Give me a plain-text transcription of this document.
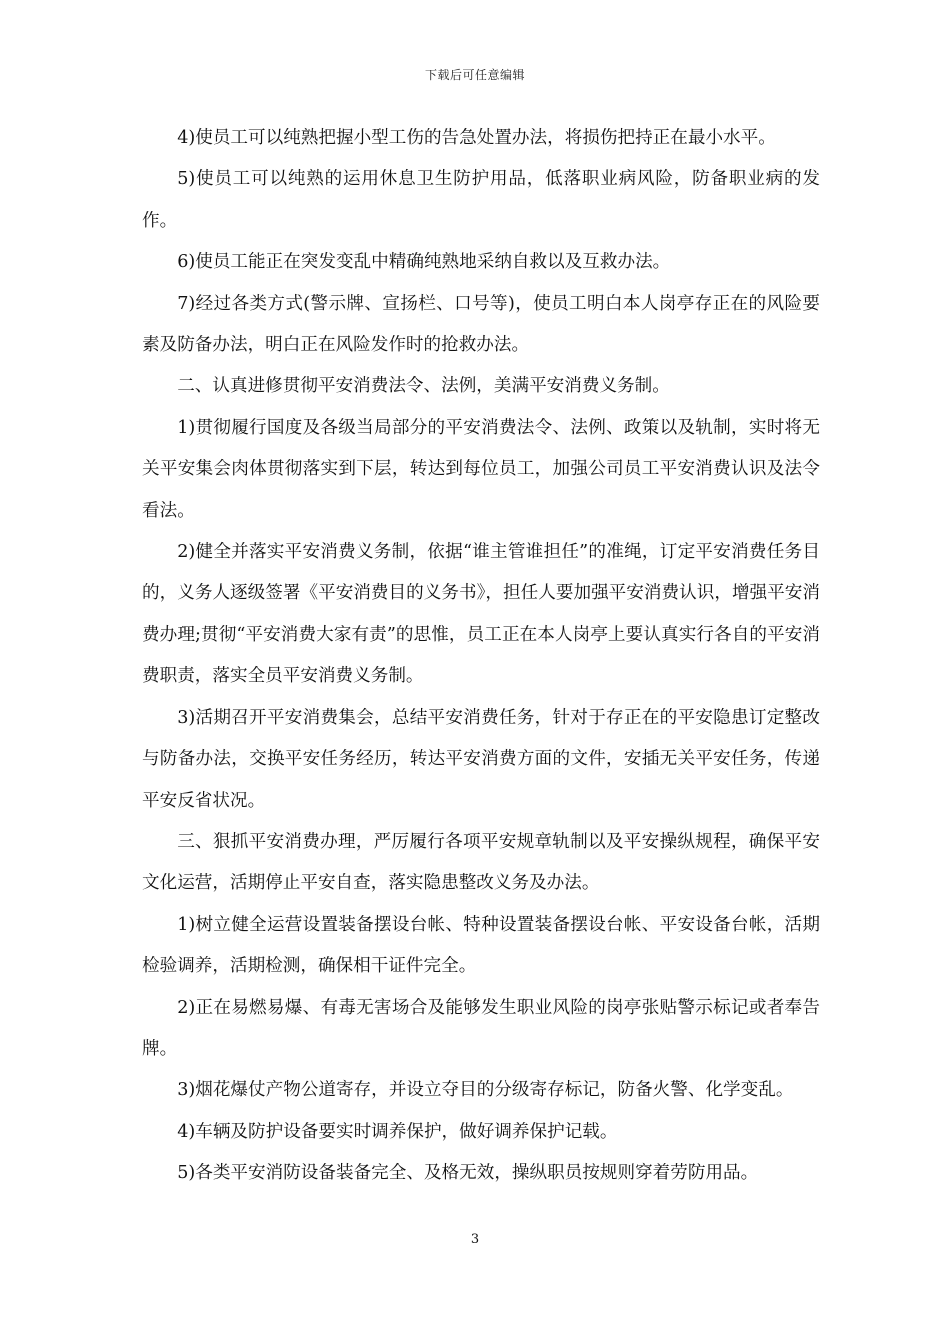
下载后可任意编辑

4)使员工可以纯熟把握小型工伤的告急处置办法，将损伤把持正在最小水平。

5)使员工可以纯熟的运用休息卫生防护用品，低落职业病风险，防备职业病的发作。

6)使员工能正在突发变乱中精确纯熟地采纳自救以及互救办法。

7)经过各类方式(警示牌、宣扬栏、口号等)，使员工明白本人岗亭存正在的风险要素及防备办法，明白正在风险发作时的抢救办法。

二、认真进修贯彻平安消费法令、法例，美满平安消费义务制。

1)贯彻履行国度及各级当局部分的平安消费法令、法例、政策以及轨制，实时将无关平安集会肉体贯彻落实到下层，转达到每位员工，加强公司员工平安消费认识及法令看法。

2)健全并落实平安消费义务制，依据“谁主管谁担任”的准绳，订定平安消费任务目的，义务人逐级签署《平安消费目的义务书》，担任人要加强平安消费认识，增强平安消费办理;贯彻“平安消费大家有责”的思惟，员工正在本人岗亭上要认真实行各自的平安消费职责，落实全员平安消费义务制。

3)活期召开平安消费集会，总结平安消费任务，针对于存正在的平安隐患订定整改与防备办法，交换平安任务经历，转达平安消费方面的文件，安插无关平安任务，传递平安反省状况。

三、狠抓平安消费办理，严厉履行各项平安规章轨制以及平安操纵规程，确保平安文化运营，活期停止平安自查，落实隐患整改义务及办法。

1)树立健全运营设置装备摆设台帐、特种设置装备摆设台帐、平安设备台帐，活期检验调养，活期检测，确保相干证件完全。

2)正在易燃易爆、有毒无害场合及能够发生职业风险的岗亭张贴警示标记或者奉告牌。

3)烟花爆仗产物公道寄存，并设立夺目的分级寄存标记，防备火警、化学变乱。

4)车辆及防护设备要实时调养保护，做好调养保护记载。

5)各类平安消防设备装备完全、及格无效，操纵职员按规则穿着劳防用品。

3
